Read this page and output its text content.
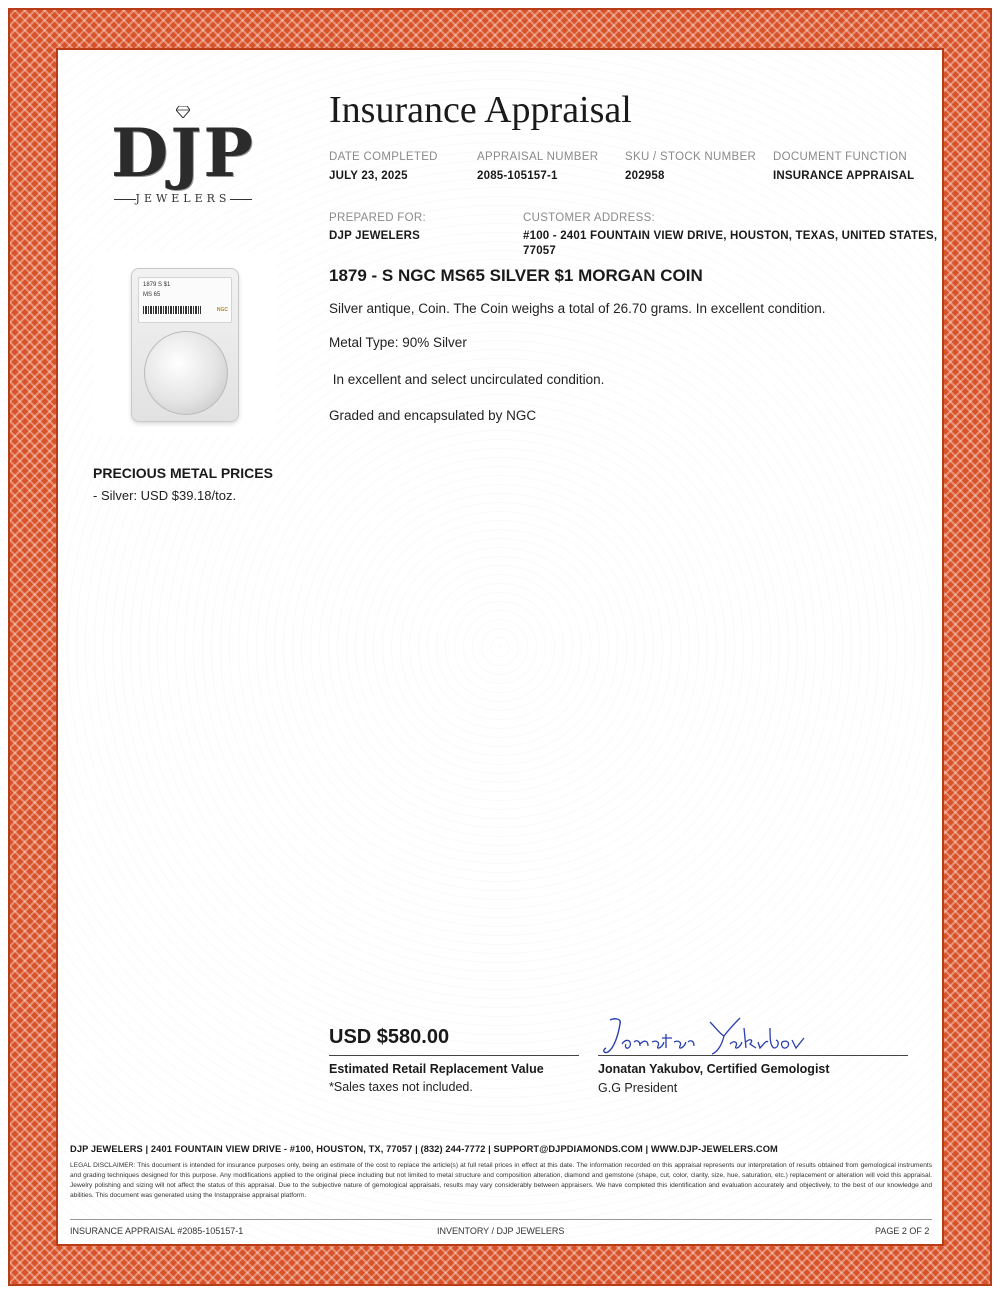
DJP
JEWELERS
Insurance Appraisal
DATE COMPLETED
JULY 23, 2025
APPRAISAL NUMBER
2085-105157-1
SKU / STOCK NUMBER
202958
DOCUMENT FUNCTION
INSURANCE APPRAISAL
PREPARED FOR:
DJP JEWELERS
CUSTOMER ADDRESS:
#100 - 2401 FOUNTAIN VIEW DRIVE, HOUSTON, TEXAS, UNITED STATES,
77057
1879 S $1
MS 65
NGC
1879 - S NGC MS65 SILVER $1 MORGAN COIN
Silver antique, Coin. The Coin weighs a total of 26.70 grams. In excellent condition.
Metal Type: 90% Silver
In excellent and select uncirculated condition.
Graded and encapsulated by NGC
PRECIOUS METAL PRICES
- Silver: USD $39.18/toz.
USD $580.00
Estimated Retail Replacement Value
*Sales taxes not included.
Jonatan Yakubov, Certified Gemologist
G.G President
DJP JEWELERS | 2401 FOUNTAIN VIEW DRIVE - #100, HOUSTON, TX, 77057 | (832) 244-7772 | SUPPORT@DJPDIAMONDS.COM | WWW.DJP-JEWELERS.COM
LEGAL DISCLAIMER: This document is intended for insurance purposes only, being an estimate of the cost to replace the article(s) at full retail prices in effect at this date. The information recorded on this appraisal represents our interpretation of results obtained from gemological instruments and grading techniques designed for this purpose. Any modifications applied to the original piece including but not limited to metal structure and composition alteration, diamond and gemstone (shape, cut, color, clarity, size, hue, saturation, etc.) replacement or alteration will void this appraisal. Jewelry polishing and sizing will not affect the status of this appraisal. Due to the subjective nature of gemological appraisals, results may vary considerably between appraisers. We have completed this identification and evaluation accurately and objectively, to the best of our knowledge and abilities. This document was generated using the Instappraise appraisal platform.
INSURANCE APPRAISAL #2085-105157-1	INVENTORY / DJP JEWELERS	PAGE 2 OF 2
